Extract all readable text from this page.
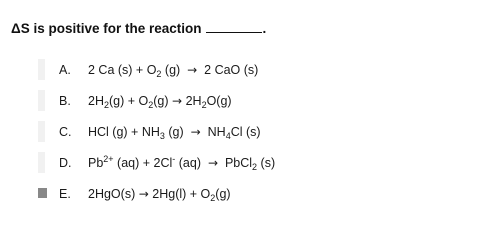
ΔS is positive for the reaction	.
A. 2 Ca $(s) + O_2$ (g) → 2 CaO (s)
B. $2H_2(g) + O_2(g) \to 2H_2O(g)$
C. HCl $(g) + NH_3$ $(g) \to NH_4Cl$ (s)
D. $Pb^{2+}$ (aq) + 2Cl- (aq) → PbCl$_2$ (s)
E. $2HgO(s) \to 2Hg(l) + O_2(g)$
